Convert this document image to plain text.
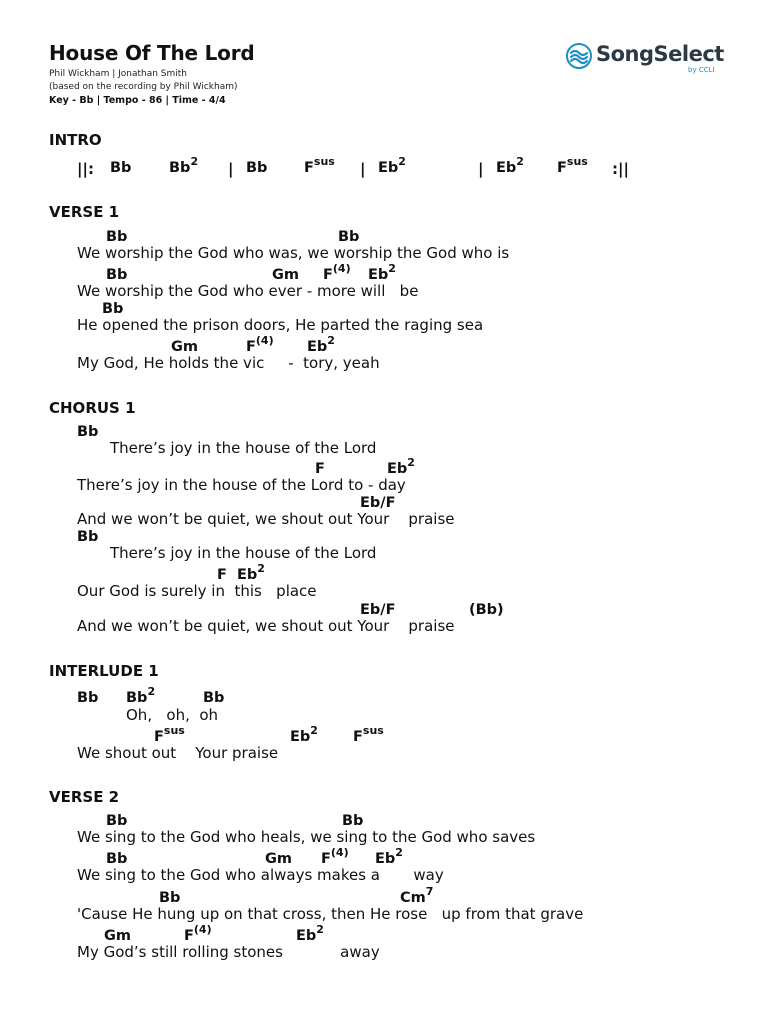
House Of The Lord
Phil Wickham | Jonathan Smith
(based on the recording by Phil Wickham)
Key - Bb | Tempo - 86 | Time - 4/4
SongSelect
by CCLI
INTRO
||: Bb	Bb$^2$ | Bb	$F^{sus}$ | Eb$^2$	| Eb$^2$ $F^{sus}$ :||
VERSE 1
Bb	Bb
We worship the God who was, we worship the God who is
Bb	Gm $F^{(4)}$ Eb$^2$
We worship the God who ever - more will   be
Bb
He opened the prison doors, He parted the raging sea
Gm	$F^{(4)}$ Eb$^2$
My God, He holds the vic     -  tory, yeah
CHORUS 1
Bb
There’s joy in the house of the Lord
F	Eb$^2$
There’s joy in the house of the Lord to - day
Eb/F
And we won’t be quiet, we shout out Your    praise
Bb
There’s joy in the house of the Lord
F Eb$^2$
Our God is surely in  this   place
Eb/F	(Bb)
And we won’t be quiet, we shout out Your    praise
INTERLUDE 1
Bb Bb$^2$	Bb
Oh,   oh,  oh
$F^{sus}$	Eb$^2$ $F^{sus}$
We shout out    Your praise
VERSE 2
Bb	Bb
We sing to the God who heals, we sing to the God who saves
Bb	Gm $F^{(4)}$ Eb$^2$
We sing to the God who always makes a       way
Bb	Cm$^7$
'Cause He hung up on that cross, then He rose   up from that grave
Gm	$F^{(4)}$	Eb$^2$
My God’s still rolling stones            away
